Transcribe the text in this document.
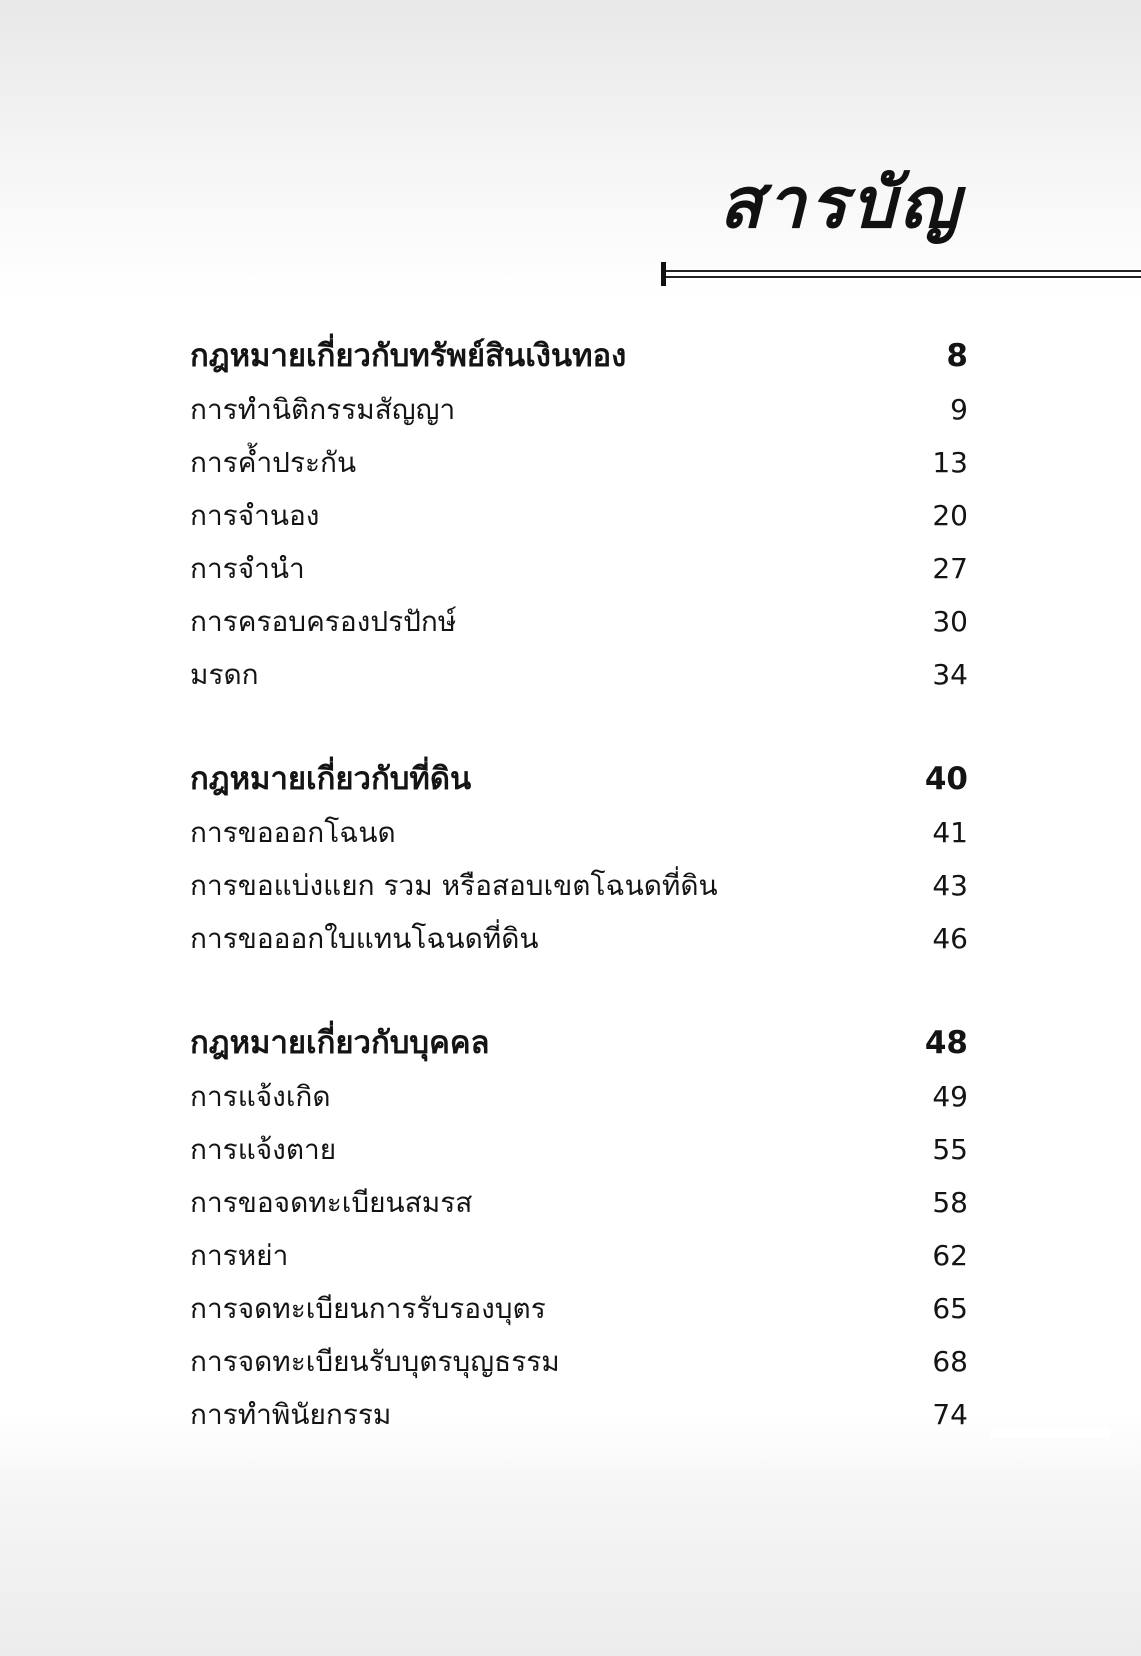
สารบัญ
กฎหมายเกี่ยวกับทรัพย์สินเงินทอง	8
การทำนิติกรรมสัญญา	9
การค้ำประกัน	13
การจำนอง	20
การจำนำ	27
การครอบครองปรปักษ์	30
มรดก	34
กฎหมายเกี่ยวกับที่ดิน	40
การขอออกโฉนด	41
การขอแบ่งแยก รวม หรือสอบเขตโฉนดที่ดิน	43
การขอออกใบแทนโฉนดที่ดิน	46
กฎหมายเกี่ยวกับบุคคล	48
การแจ้งเกิด	49
การแจ้งตาย	55
การขอจดทะเบียนสมรส	58
การหย่า	62
การจดทะเบียนการรับรองบุตร	65
การจดทะเบียนรับบุตรบุญธรรม	68
การทำพินัยกรรม	74
